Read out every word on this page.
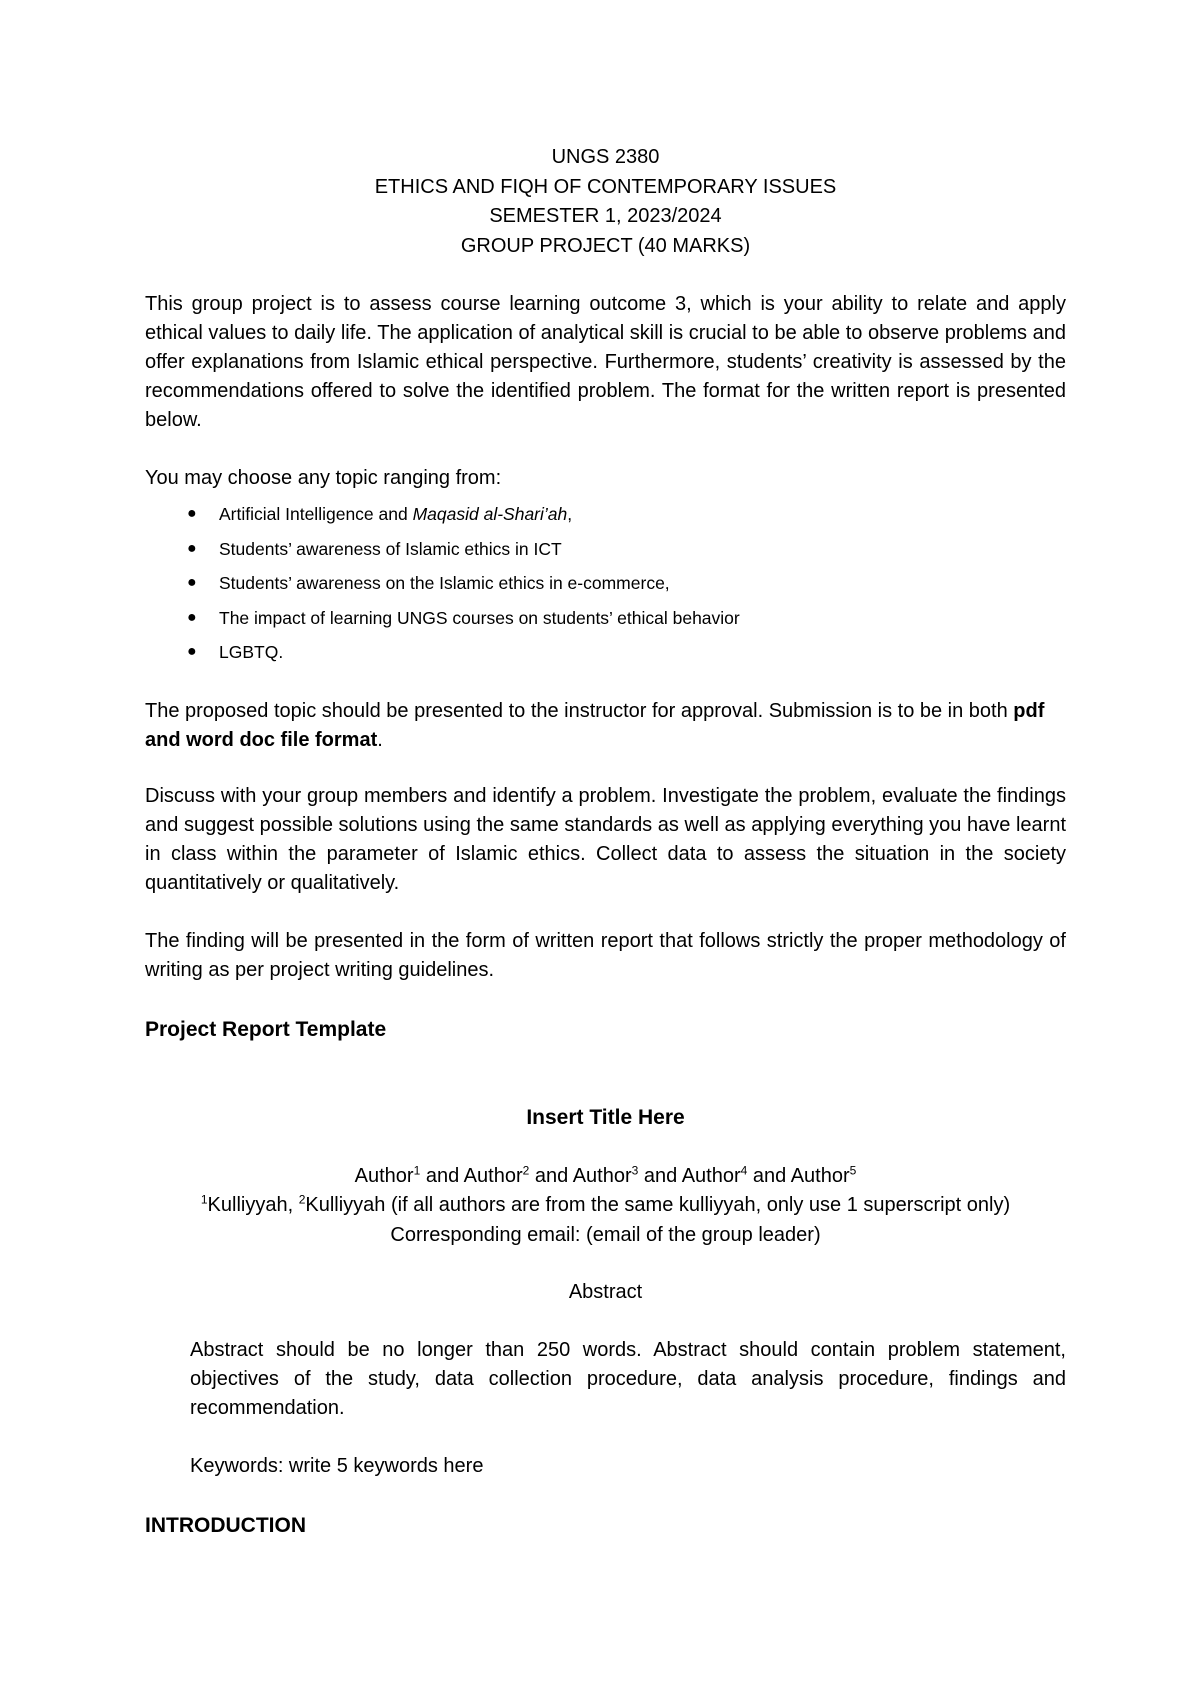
UNGS 2380
ETHICS AND FIQH OF CONTEMPORARY ISSUES
SEMESTER 1, 2023/2024
GROUP PROJECT (40 MARKS)

This group project is to assess course learning outcome 3, which is your ability to relate and apply ethical values to daily life. The application of analytical skill is crucial to be able to observe problems and offer explanations from Islamic ethical perspective. Furthermore, students’ creativity is assessed by the recommendations offered to solve the identified problem. The format for the written report is presented below.

You may choose any topic ranging from:

● Artificial Intelligence and Maqasid al-Shari’ah,
● Students’ awareness of Islamic ethics in ICT
● Students’ awareness on the Islamic ethics in e-commerce,
● The impact of learning UNGS courses on students’ ethical behavior
● LGBTQ.

The proposed topic should be presented to the instructor for approval. Submission is to be in both pdf and word doc file format.

Discuss with your group members and identify a problem. Investigate the problem, evaluate the findings and suggest possible solutions using the same standards as well as applying everything you have learnt in class within the parameter of Islamic ethics. Collect data to assess the situation in the society quantitatively or qualitatively.

The finding will be presented in the form of written report that follows strictly the proper methodology of writing as per project writing guidelines.

Project Report Template

Insert Title Here

Author$^1$ and Author$^2$ and Author$^3$ and Author$^4$ and Author$^5$
$^1$Kulliyyah, $^2$Kulliyyah (if all authors are from the same kulliyyah, only use 1 superscript only)
Corresponding email: (email of the group leader)

Abstract

Abstract should be no longer than 250 words. Abstract should contain problem statement, objectives of the study, data collection procedure, data analysis procedure, findings and recommendation.

Keywords: write 5 keywords here

INTRODUCTION
